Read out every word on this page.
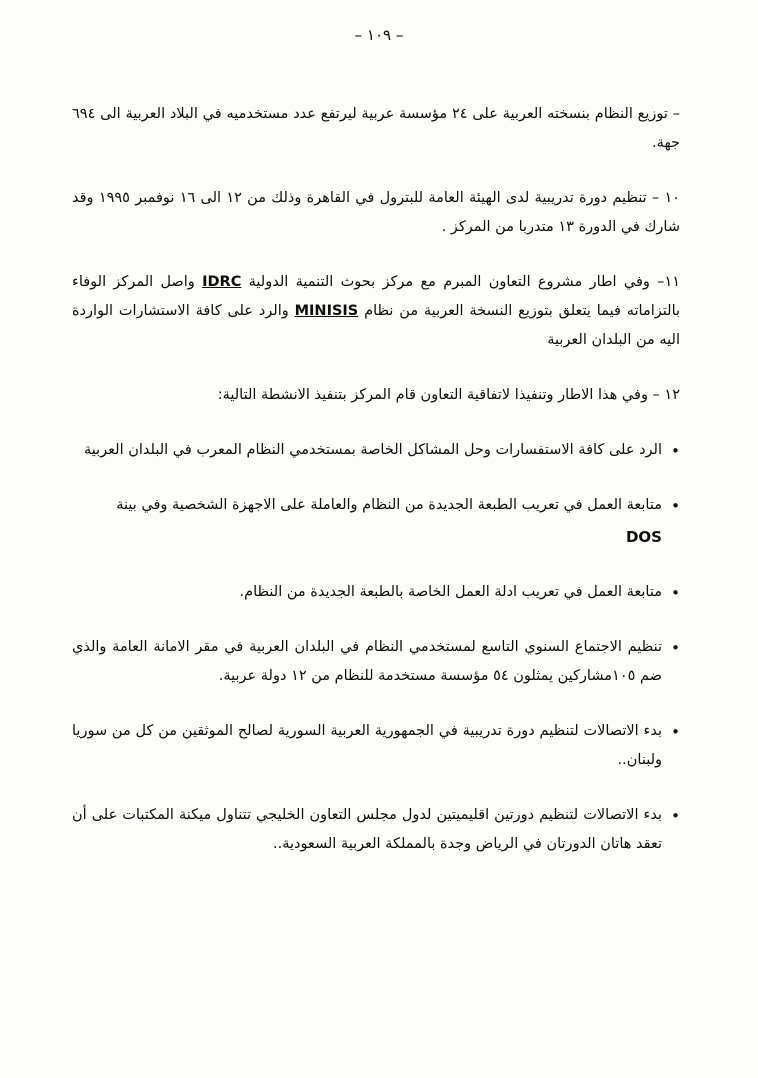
– ١٠٩ –

– توزيع النظام بنسخته العربية على ٢٤ مؤسسة عربية ليرتفع عدد مستخدميه في البلاد العربية الى ٦٩٤ جهة.

١٠ – تنظيم دورة تدريبية لدى الهيئة العامة للبترول في القاهرة وذلك من ١٢ الى ١٦ نوفمبر ١٩٩٥ وقد شارك في الدورة ١٣ متدربا من المركز .

١١– وفي اطار مشروع التعاون المبرم مع مركز بحوث التنمية الدولية IDRC واصل المركز الوفاء بالتزاماته فيما يتعلق بتوزيع النسخة العربية من نظام MINISIS والرد على كافة الاستشارات الواردة اليه من البلدان العربية

١٢ – وفي هذا الاطار وتنفيذا لاتفاقية التعاون قام المركز بتنفيذ الانشطة التالية:

• الرد على كافة الاستفسارات وحل المشاكل الخاصة بمستخدمي النظام المعرب في البلدان العربية
• متابعة العمل في تعريب الطبعة الجديدة من النظام والعاملة على الاجهزة الشخصية وفي بينة
DOS
• متابعة العمل في تعريب ادلة العمل الخاصة بالطبعة الجديدة من النظام.
• تنظيم الاجتماع السنوي التاسع لمستخدمي النظام في البلدان العربية في مقر الامانة العامة والذي ضم ١٠٥مشاركين يمثلون ٥٤ مؤسسة مستخدمة للنظام من ١٢ دولة عربية.
• بدء الاتصالات لتنظيم دورة تدريبية في الجمهورية العربية السورية لصالح الموثقين من كل من سوريا ولبنان..
• بدء الاتصالات لتنظيم دورتين اقليميتين لدول مجلس التعاون الخليجي تتناول ميكنة المكتبات على أن تعقد هاتان الدورتان في الرياض وجدة بالمملكة العربية السعودية..
